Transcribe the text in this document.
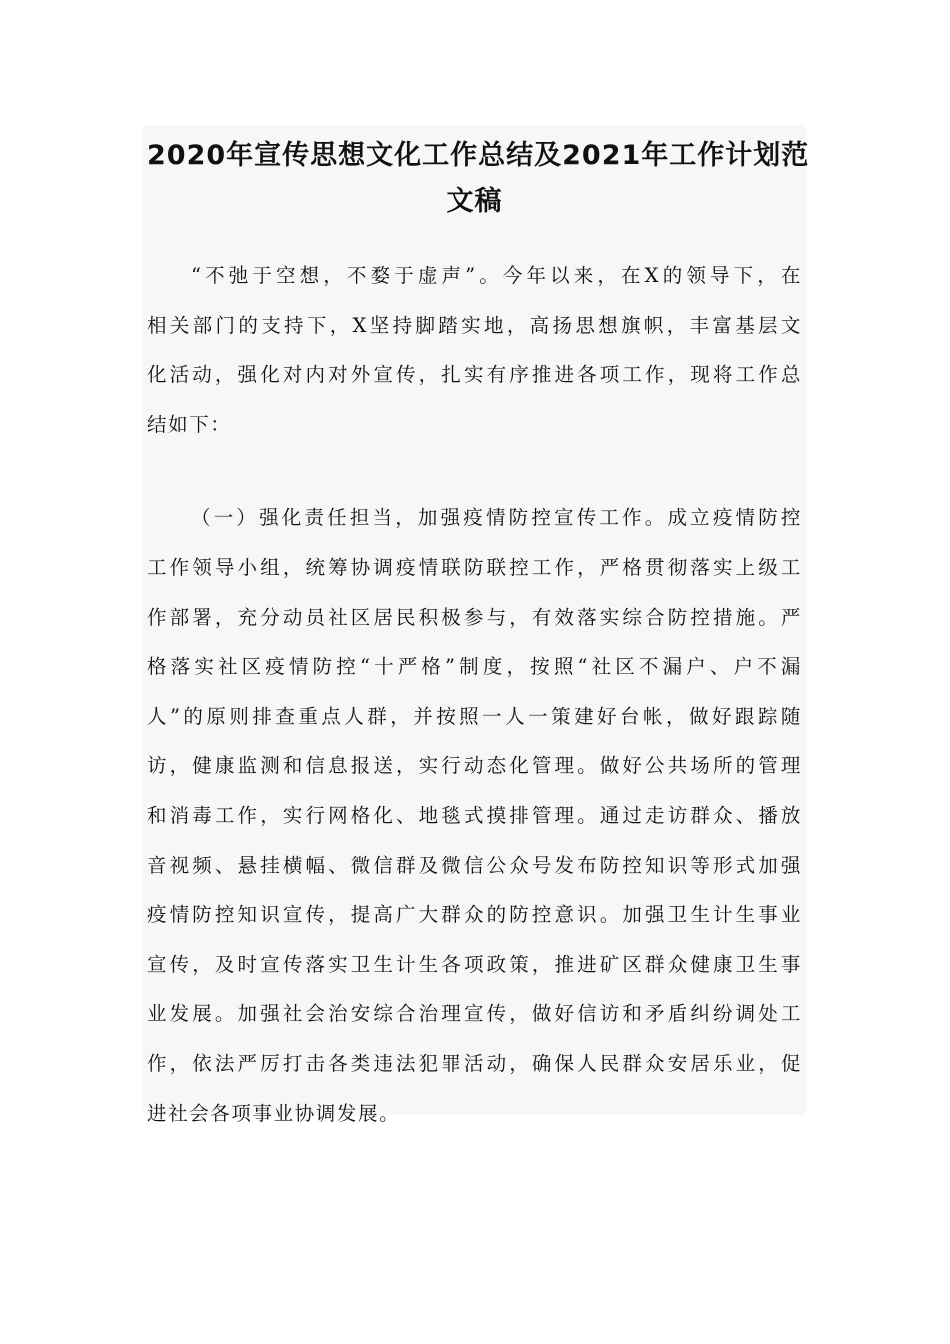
2020年宣传思想文化工作总结及2021年工作计划范
文稿

“不弛于空想，不婺于虚声”。今年以来，在X的领导下，在
相关部门的支持下，X坚持脚踏实地，高扬思想旗帜，丰富基层文
化活动，强化对内对外宣传，扎实有序推进各项工作，现将工作总
结如下：

（一）强化责任担当，加强疫情防控宣传工作。成立疫情防控
工作领导小组，统筹协调疫情联防联控工作，严格贯彻落实上级工
作部署，充分动员社区居民积极参与，有效落实综合防控措施。严
格落实社区疫情防控“十严格”制度，按照“社区不漏户、户不漏
人”的原则排查重点人群，并按照一人一策建好台帐，做好跟踪随
访，健康监测和信息报送，实行动态化管理。做好公共场所的管理
和消毒工作，实行网格化、地毯式摸排管理。通过走访群众、播放
音视频、悬挂横幅、微信群及微信公众号发布防控知识等形式加强
疫情防控知识宣传，提高广大群众的防控意识。加强卫生计生事业
宣传，及时宣传落实卫生计生各项政策，推进矿区群众健康卫生事
业发展。加强社会治安综合治理宣传，做好信访和矛盾纠纷调处工
作，依法严厉打击各类违法犯罪活动，确保人民群众安居乐业，促
进社会各项事业协调发展。
